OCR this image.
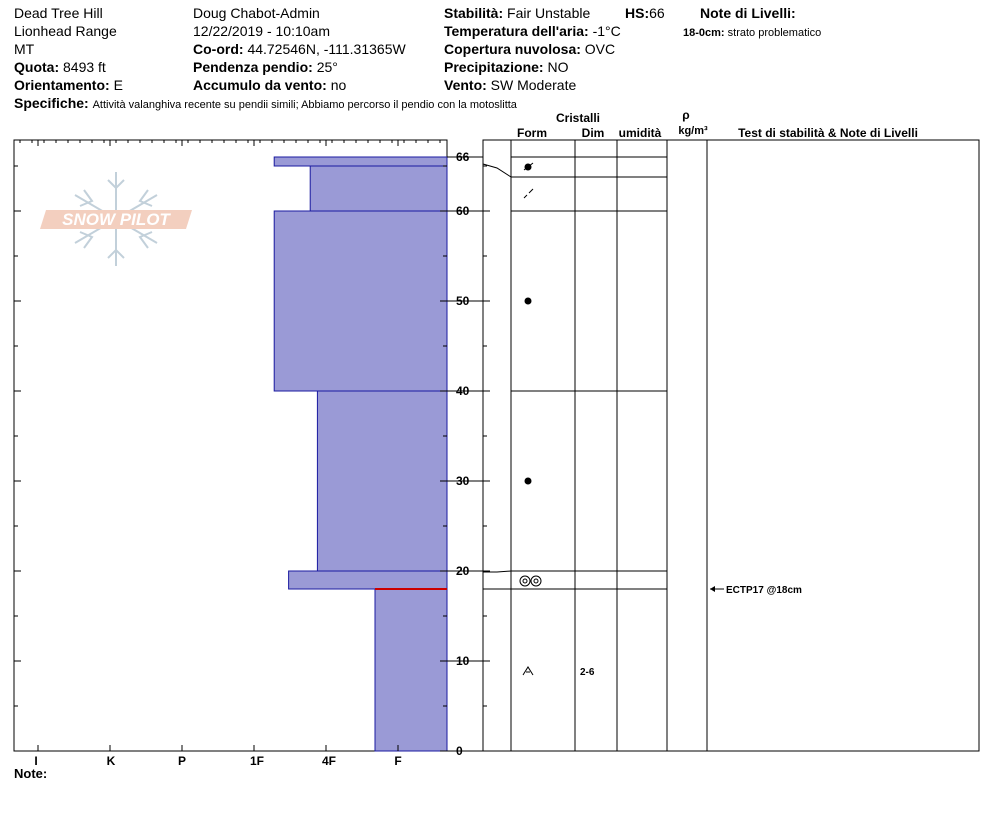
Dead Tree Hill
Lionhead Range
MT
Quota: 8493 ft
Orientamento: E
Specifiche: Attività valanghiva recente su pendii simili; Abbiamo percorso il pendio con la motoslitta
Doug Chabot-Admin
12/22/2019 - 10:10am
Co-ord: 44.72546N, -111.31365W
Pendenza pendio: 25°
Accumulo da vento: no
Stabilità: Fair Unstable HS:66
Temperatura dell'aria: -1°C
Copertura nuvolosa: OVC
Precipitazione: NO
Vento: SW Moderate
Note di Livelli:
18-0cm: strato problematico
SNOW PILOT
0
10
20
30
40
50
60
66
I	K	P	1F	4F	F
Cristalli
Form	Dim umidità
ρ
kg/m³	Test di stabilità & Note di Livelli
2-6
ECTP17 @18cm
Note:
